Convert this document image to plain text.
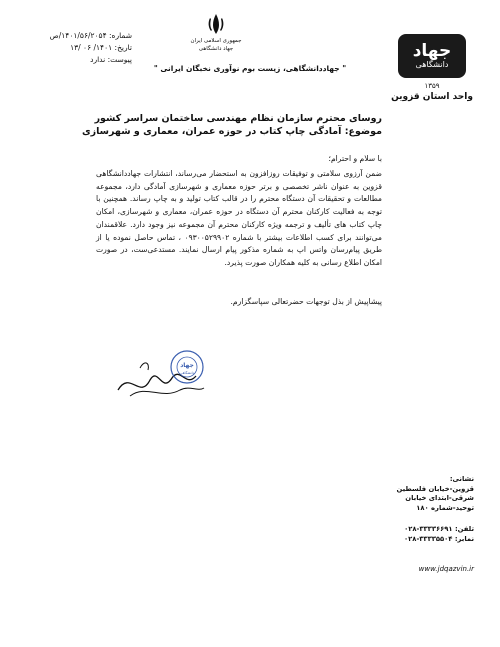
جهاد
دانشگاهی
۱۳۵۹
واحد استان قزوین
جمهوری اسلامی ایران
جهاد دانشگاهی
" جهاددانشگاهی، زیست بوم نوآوری نخبگان ایرانی "
شماره: ۱۴۰۱/۵۶/۲۰۵۴/ص
تاریخ: ۱۴۰۱/ ۰۶ /۱۳
پیوست: ندارد
روسای محترم سازمان نظام مهندسی ساختمان سراسر کشور
موضوع: آمادگی چاپ کتاب در حوزه عمران، معماری و شهرسازی
با سلام و احترام؛
ضمن آرزوی سلامتی و توفیقات روزافزون به استحضار می‌رساند، انتشارات جهاددانشگاهی قزوین به عنوان ناشر تخصصی و برتر حوزه معماری و شهرسازی آمادگی دارد، مجموعه مطالعات و تحقیقات آن دستگاه محترم را در قالب کتاب تولید و به چاپ رساند. همچنین با توجه به فعالیت کارکنان محترم آن دستگاه در حوزه عمران، معماری و شهرسازی، امکان چاپ کتاب های تألیف و ترجمه ویژه کارکنان محترم آن مجموعه نیز وجود دارد. علاقمندان می‌توانند برای کسب اطلاعات بیشتر با شماره ۰۹۳۰۰۵۲۹۹۰۲ ، تماس حاصل نموده یا از طریق پیام‌رسان واتس اپ به شماره مذکور پیام ارسال نمایند. مستدعی‌ست، در صورت امکان اطلاع رسانی به کلیه همکاران صورت پذیرد.
پیشاپیش از بذل توجهات حضرتعالی سپاسگزارم.
جهاد
دانشگاهی
نشانی:
قزوین-خیابان فلسطین
شرقی-ابتدای خیابان
توحید-شماره ۱۸۰
تلفن: ۳۳۳۳۶۶۹۱-۰۲۸
نمابر: ۳۳۳۳۵۵۰۴-۰۲۸
www.jdqazvin.ir
